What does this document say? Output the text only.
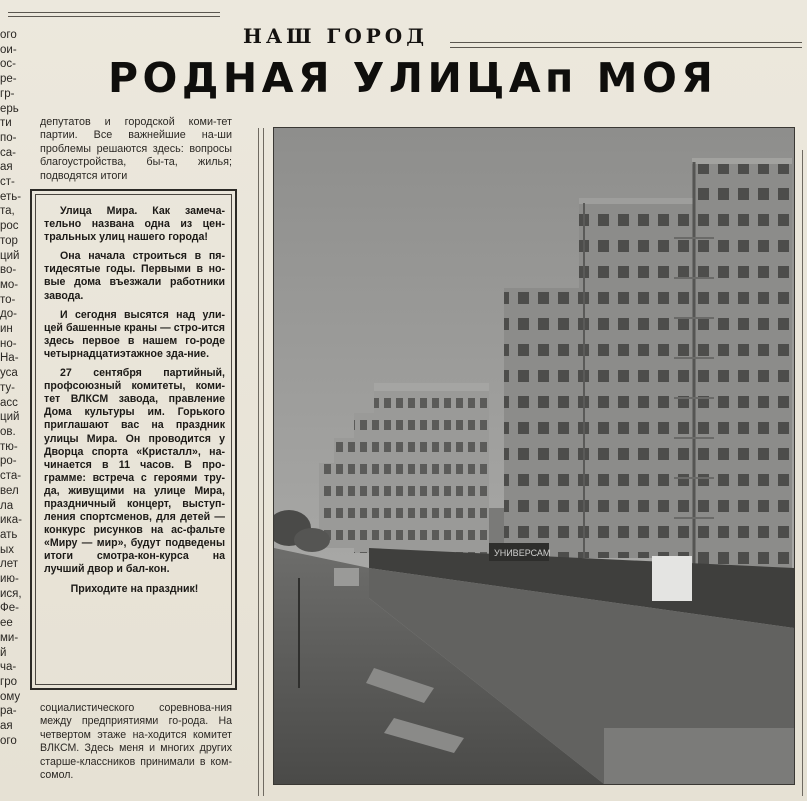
ого
ои-
ос-
ре-
гр-
ерь
ти
по-
са-
ая
ст-
еть-
та,
рос
тор
ций
во-
мо-
то-
до-
ин
но-
На-
уса
ту-
асс
ций
ов.
тю-
ро-
ста-
вел
ла
ика-
ать
ых
лет
ию-
ися,
Фе-
ее
ми-
й
ча-
гро
ому
ра-
ая
ого
НАШ ГОРОД
РОДНАЯ УЛИЦАп МОЯ
депутатов и городской коми-тет партии. Все важнейшие на-ши проблемы решаются здесь: вопросы благоустройства, бы-та, жилья; подводятся итоги

Улица Мира. Как замеча-тельно названа одна из цен-тральных улиц нашего города!

Она начала строиться в пя-тидесятые годы. Первыми в но-вые дома въезжали работники завода.

И сегодня высятся над ули-цей башенные краны — стро-ится здесь первое в нашем го-роде четырнадцатиэтажное зда-ние.

27 сентября партийный, профсоюзный комитеты, коми-тет ВЛКСМ завода, правление Дома культуры им. Горького приглашают вас на праздник улицы Мира. Он проводится у Дворца спорта «Кристалл», на-чинается в 11 часов. В про-грамме: встреча с героями тру-да, живущими на улице Мира, праздничный концерт, выступ-ления спортсменов, для детей — конкурс рисунков на ас-фальте «Миру — мир», будут подведены итоги смотра-кон-курса на лучший двор и бал-кон.

Приходите на праздник!

социалистического соревнова-ния между предприятиями го-рода. На четвертом этаже на-ходится комитет ВЛКСМ. Здесь меня и многих других старше-классников принимали в ком-сомол.
УНИВЕРСАМ
